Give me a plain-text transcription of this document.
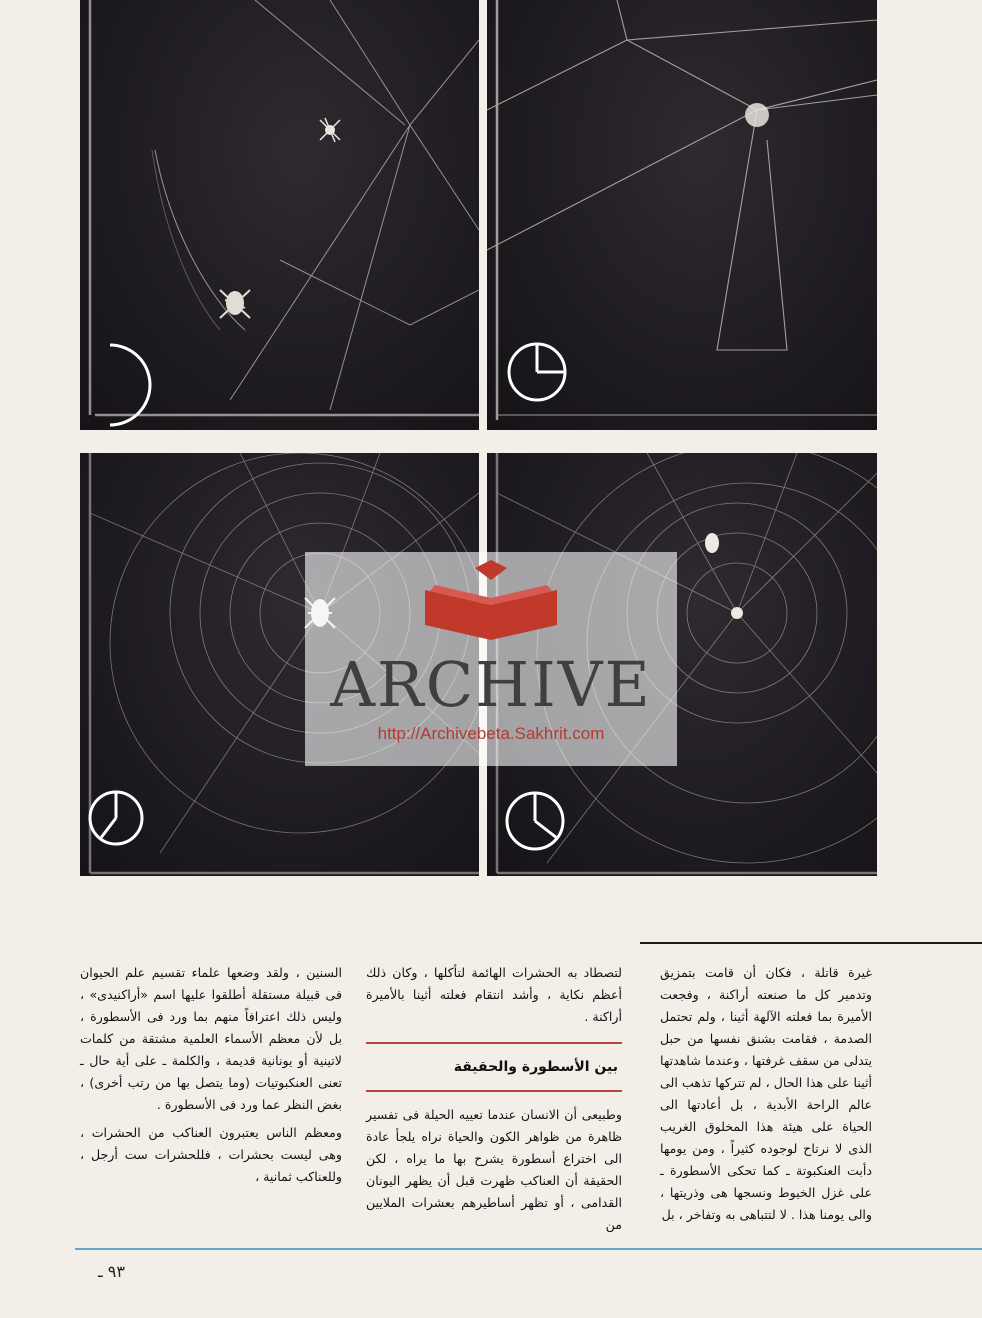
ARCHIVE
http://Archivebeta.Sakhrit.com

غيرة قاتلة ، فكان أن قامت بتمزيق وتدمير كل ما صنعته أراكنة ، وفجعت الأميرة بما فعلته الآلهة أثينا ، ولم تحتمل الصدمة ، فقامت بشنق نفسها من حبل يتدلى من سقف غرفتها ، وعندما شاهدتها أثينا على هذا الحال ، لم تتركها تذهب الى عالم الراحة الأبدية ، بل أعادتها الى الحياة على هيئة هذا المخلوق الغريب الذى لا نرتاح لوجوده كثيراً ، ومن يومها دأبت العنكبوتة ـ كما تحكى الأسطورة ـ على غزل الخيوط ونسجها هى وذريتها ، والى يومنا هذا . لا لتتباهى به وتفاخر ، بل

لتصطاد به الحشرات الهائمة لتأكلها ، وكان ذلك أعظم نكاية ، وأشد انتقام فعلته أثينا بالأميرة أراكنة .

بين الأسطورة والحقيقة

وطبيعى أن الانسان عندما تعييه الحيلة فى تفسير ظاهرة من ظواهر الكون والحياة نراه يلجأ عادة الى اختراع أسطورة يشرح بها ما يراه ، لكن الحقيقة أن العناكب ظهرت قبل أن يظهر اليونان القدامى ، أو تظهر أساطيرهم بعشرات الملايين من

السنين ، ولقد وضعها علماء تقسيم علم الحيوان فى قبيلة مستقلة أطلقوا عليها اسم «أراكنيدى» ، وليس ذلك اعترافاً منهم بما ورد فى الأسطورة ، بل لأن معظم الأسماء العلمية مشتقة من كلمات لاتينية أو يونانية قديمة ، والكلمة ـ على أية حال ـ تعنى العنكبوتيات (وما يتصل بها من رتب أخرى) ، بغض النظر عما ورد فى الأسطورة .

ومعظم الناس يعتبرون العناكب من الحشرات ، وهى ليست بحشرات ، فللحشرات ست أرجل ، وللعناكب ثمانية ،

٩٣ ـ
